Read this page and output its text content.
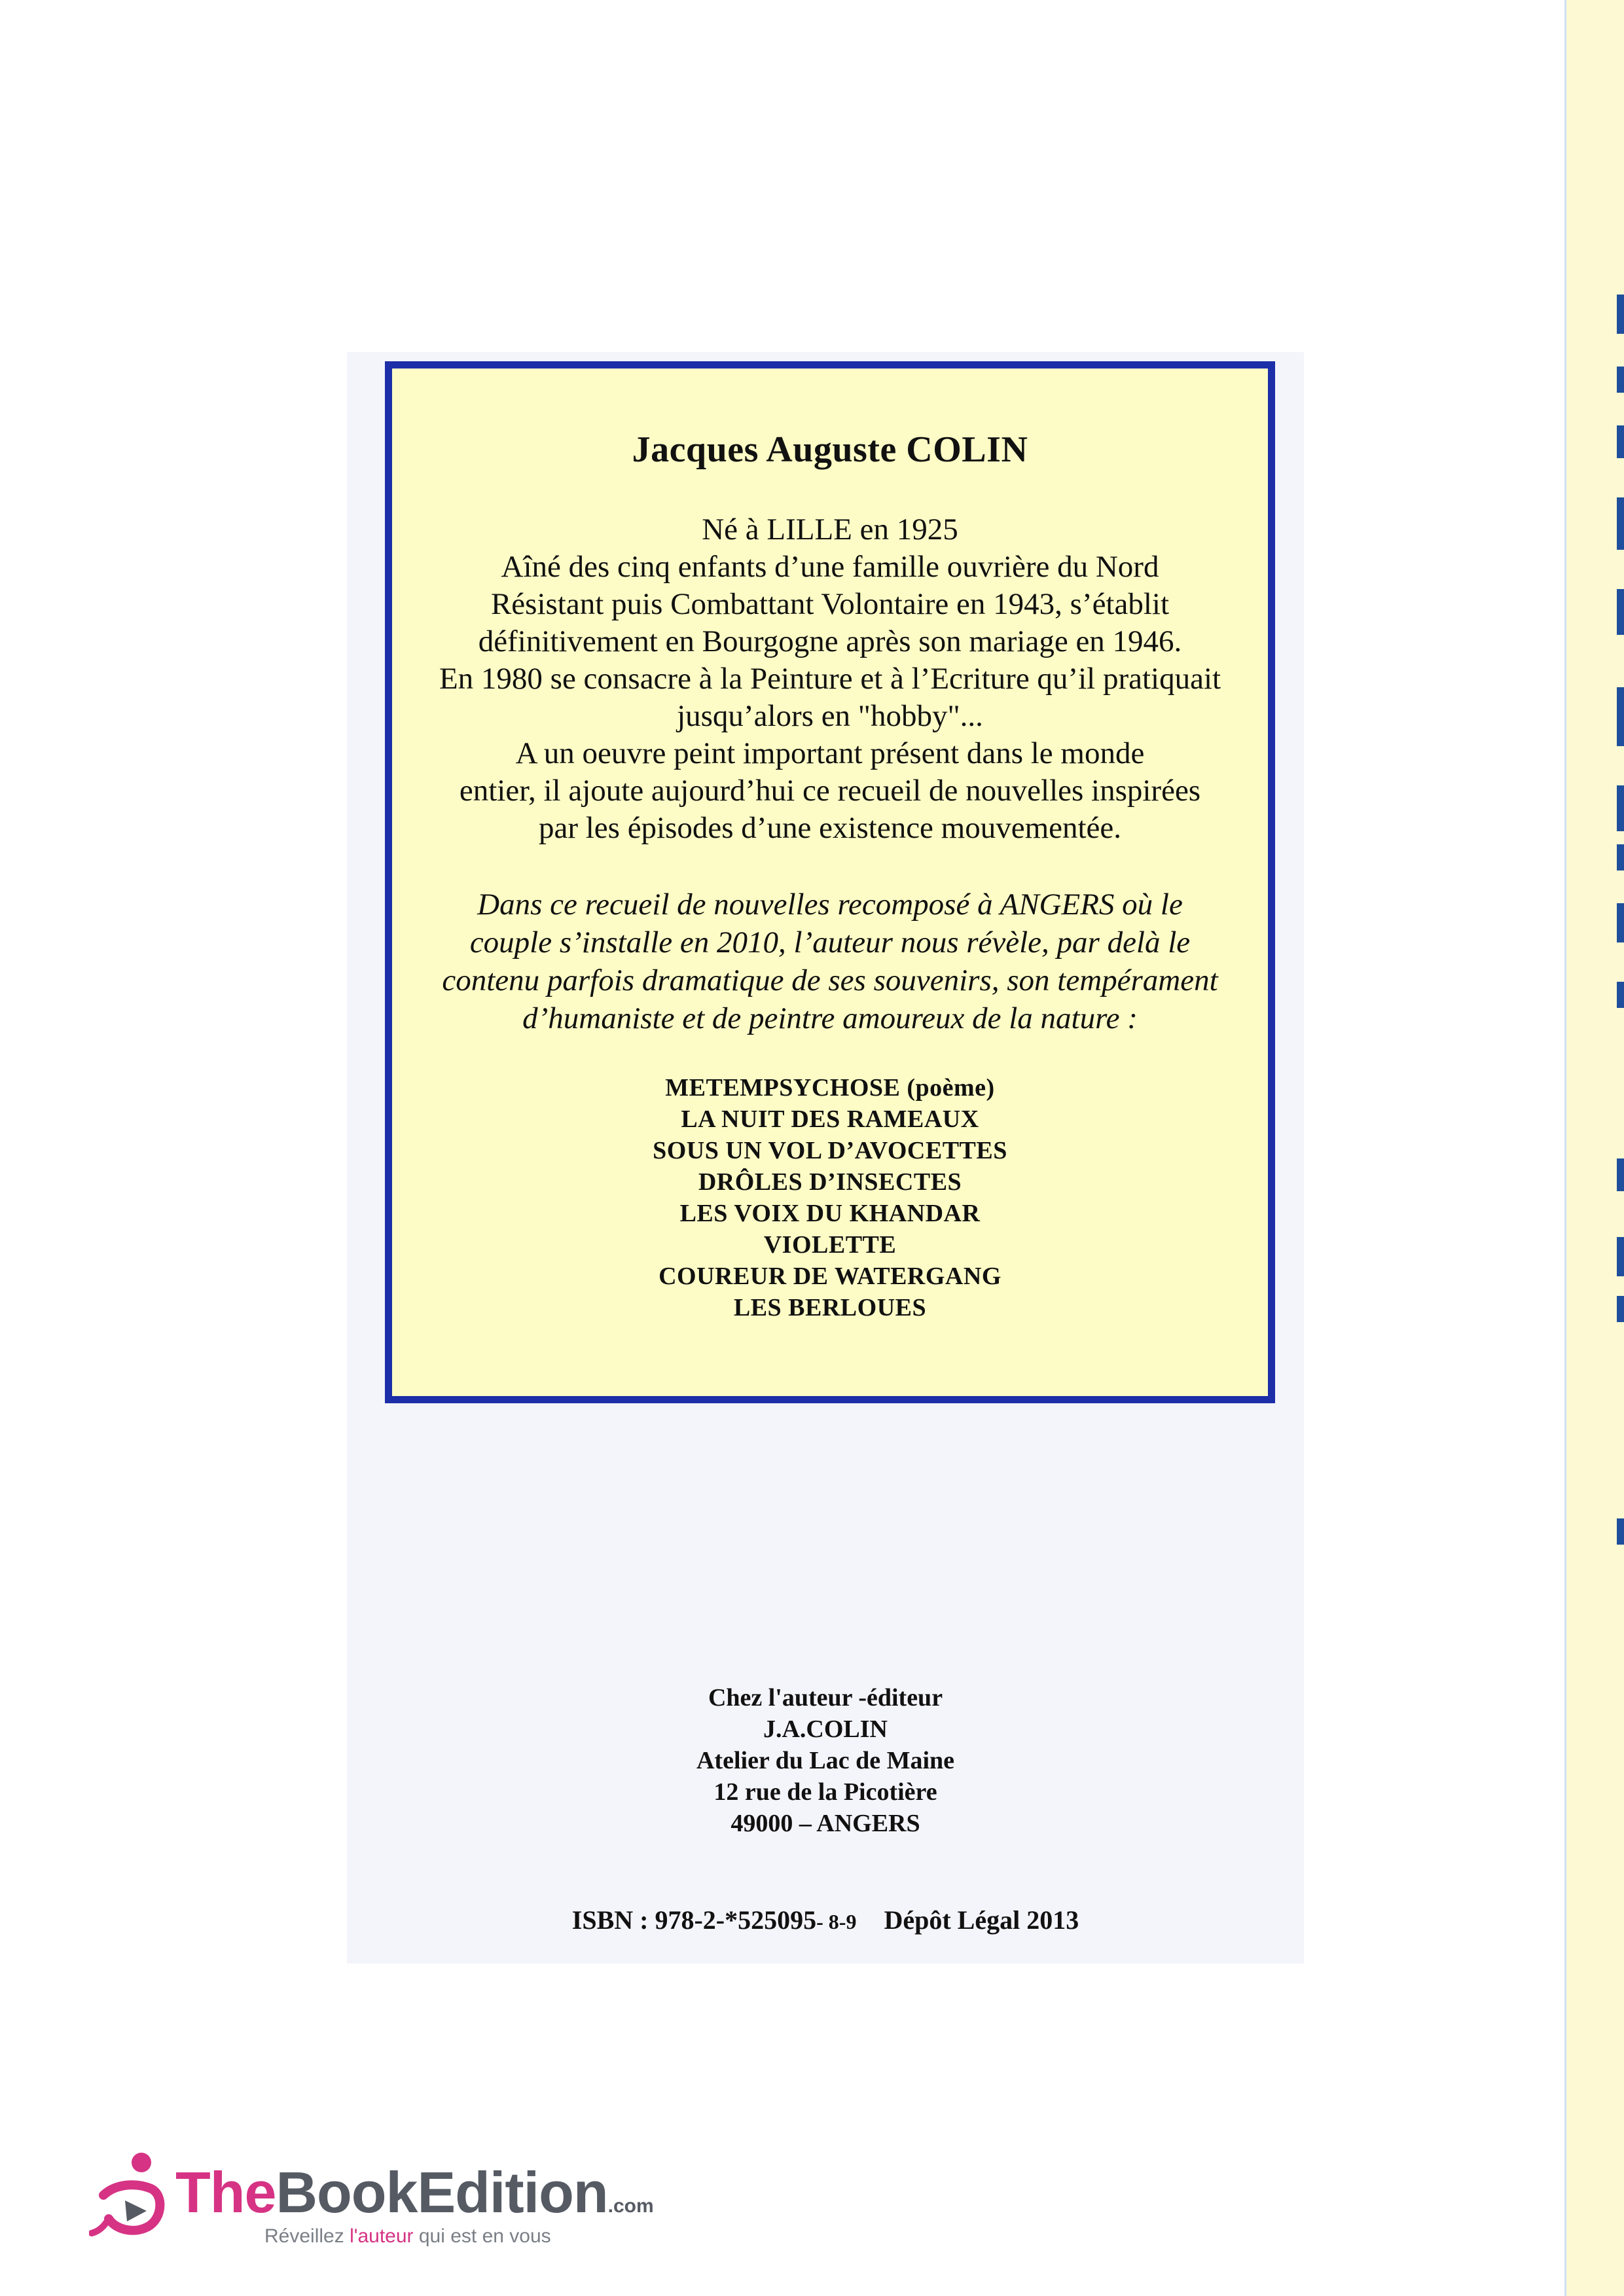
Jacques Auguste COLIN
Né à LILLE en 1925
Aîné des cinq enfants d’une famille ouvrière du Nord
Résistant puis Combattant Volontaire en 1943, s’établit
définitivement en Bourgogne après son mariage en 1946.
En 1980 se consacre à la Peinture et à l’Ecriture qu’il pratiquait
jusqu’alors en "hobby"...
A un oeuvre peint important présent dans le monde
entier, il ajoute aujourd’hui ce recueil de nouvelles inspirées
par les épisodes d’une existence mouvementée.
Dans ce recueil de nouvelles recomposé à ANGERS où le
couple s’installe en 2010, l’auteur nous révèle, par delà le
contenu parfois dramatique de ses souvenirs, son tempérament
d’humaniste et de peintre amoureux de la nature :
METEMPSYCHOSE (poème)
LA NUIT DES RAMEAUX
SOUS UN VOL D’AVOCETTES
DRÔLES D’INSECTES
LES VOIX DU KHANDAR
VIOLETTE
COUREUR DE WATERGANG
LES BERLOUES
Chez l'auteur -éditeur
J.A.COLIN
Atelier du Lac de Maine
12 rue de la Picotière
49000 – ANGERS
ISBN : 978-2-*525095- 8-9 Dépôt Légal 2013
TheBookEdition.com
Réveillez l'auteur qui est en vous
